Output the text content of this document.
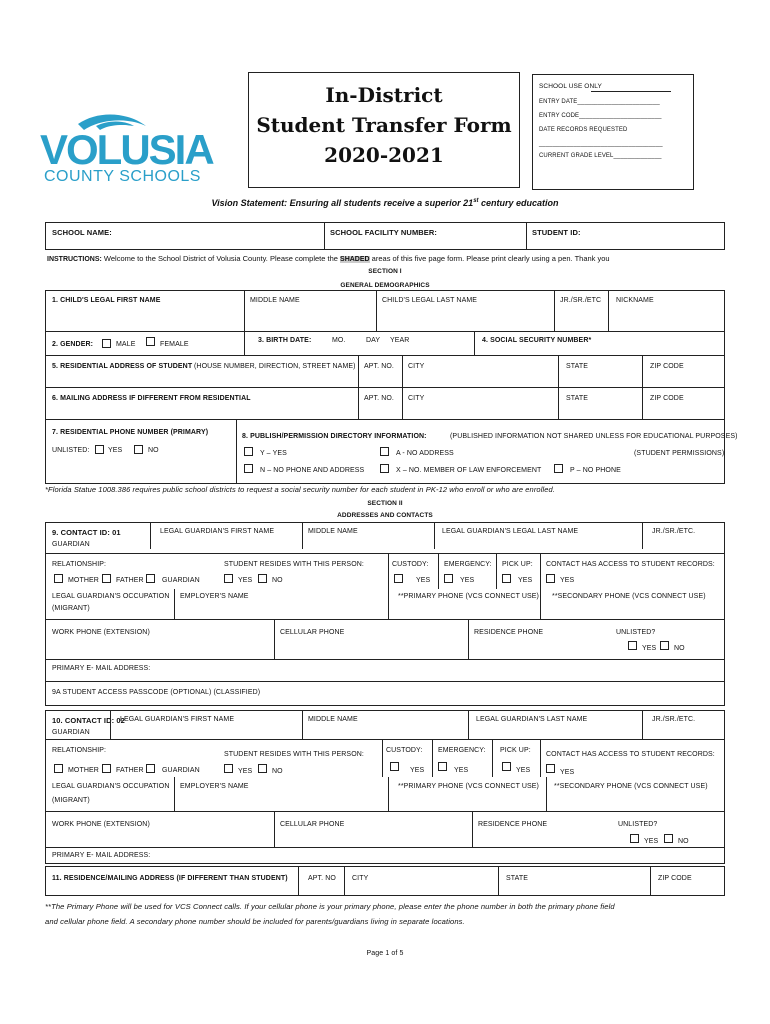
VOLUSIA
COUNTY SCHOOLS
In-District
Student Transfer Form
2020-2021
SCHOOL USE ONLY
ENTRY DATE________________________
ENTRY CODE________________________
DATE RECORDS REQUESTED
____________________________________
CURRENT GRADE LEVEL______________
Vision Statement: Ensuring all students receive a superior 21st century education
SCHOOL NAME:	SCHOOL FACILITY NUMBER:	STUDENT ID:
INSTRUCTIONS: Welcome to the School District of Volusia County. Please complete the SHADED areas of this five page form. Please print clearly using a pen. Thank you
SECTION I
GENERAL DEMOGRAPHICS
1. CHILD'S LEGAL FIRST NAME	MIDDLE NAME	CHILD'S LEGAL LAST NAME	JR./SR./ETC NICKNAME
2. GENDER:	MALE	FEMALE
3. BIRTH DATE:	MO.	DAY YEAR	4. SOCIAL SECURITY NUMBER*
5. RESIDENTIAL ADDRESS OF STUDENT (HOUSE NUMBER, DIRECTION, STREET NAME) APT. NO. CITY	STATE	ZIP CODE
6. MAILING ADDRESS IF DIFFERENT FROM RESIDENTIAL	APT. NO. CITY	STATE	ZIP CODE
7. RESIDENTIAL PHONE NUMBER (PRIMARY)
UNLISTED:	YES	NO
8. PUBLISH/PERMISSION DIRECTORY INFORMATION:	(PUBLISHED INFORMATION NOT SHARED UNLESS FOR EDUCATIONAL PURPOSES)
Y – YES	A - NO ADDRESS	(STUDENT PERMISSIONS)
N – NO PHONE AND ADDRESS	X – NO. MEMBER OF LAW ENFORCEMENT	P – NO PHONE
*Florida Statue 1008.386 requires public school districts to request a social security number for each student in PK-12 who enroll or who are enrolled.
SECTION II
ADDRESSES AND CONTACTS
9. CONTACT ID: 01
GUARDIAN
LEGAL GUARDIAN'S FIRST NAME	MIDDLE NAME	LEGAL GUARDIAN'S LEGAL LAST NAME	JR./SR./ETC.
RELATIONSHIP:
MOTHER FATHER	GUARDIAN
STUDENT RESIDES WITH THIS PERSON:
YES	NO
CUSTODY:
YES
EMERGENCY:
YES
PICK UP:
YES
CONTACT HAS ACCESS TO STUDENT RECORDS:
YES
LEGAL GUARDIAN'S OCCUPATION
(MIGRANT)
EMPLOYER'S NAME	**PRIMARY PHONE (VCS CONNECT USE) **SECONDARY PHONE (VCS CONNECT USE)
WORK PHONE (EXTENSION)	CELLULAR PHONE	RESIDENCE PHONE	UNLISTED?
YES	NO
PRIMARY E- MAIL ADDRESS:
9A STUDENT ACCESS PASSCODE (OPTIONAL) (CLASSIFIED)
10. CONTACT ID: 02
GUARDIAN
LEGAL GUARDIAN'S FIRST NAME	MIDDLE NAME	LEGAL GUARDIAN'S LAST NAME	JR./SR./ETC.
RELATIONSHIP:
MOTHER FATHER	GUARDIAN
STUDENT RESIDES WITH THIS PERSON:
YES	NO
CUSTODY:
YES
EMERGENCY:
YES
PICK UP:
YES
CONTACT HAS ACCESS TO STUDENT RECORDS:
YES
LEGAL GUARDIAN'S OCCUPATION
(MIGRANT)
EMPLOYER'S NAME	**PRIMARY PHONE (VCS CONNECT USE) **SECONDARY PHONE (VCS CONNECT USE)
WORK PHONE (EXTENSION)	CELLULAR PHONE	RESIDENCE PHONE	UNLISTED?
YES	NO
PRIMARY E- MAIL ADDRESS:
11. RESIDENCE/MAILING ADDRESS (IF DIFFERENT THAN STUDENT)	APT. NO CITY	STATE	ZIP CODE
**The Primary Phone will be used for VCS Connect calls. If your cellular phone is your primary phone, please enter the phone number in both the primary phone field
and cellular phone field. A secondary phone number should be included for parents/guardians living in separate locations.
Page 1 of 5
